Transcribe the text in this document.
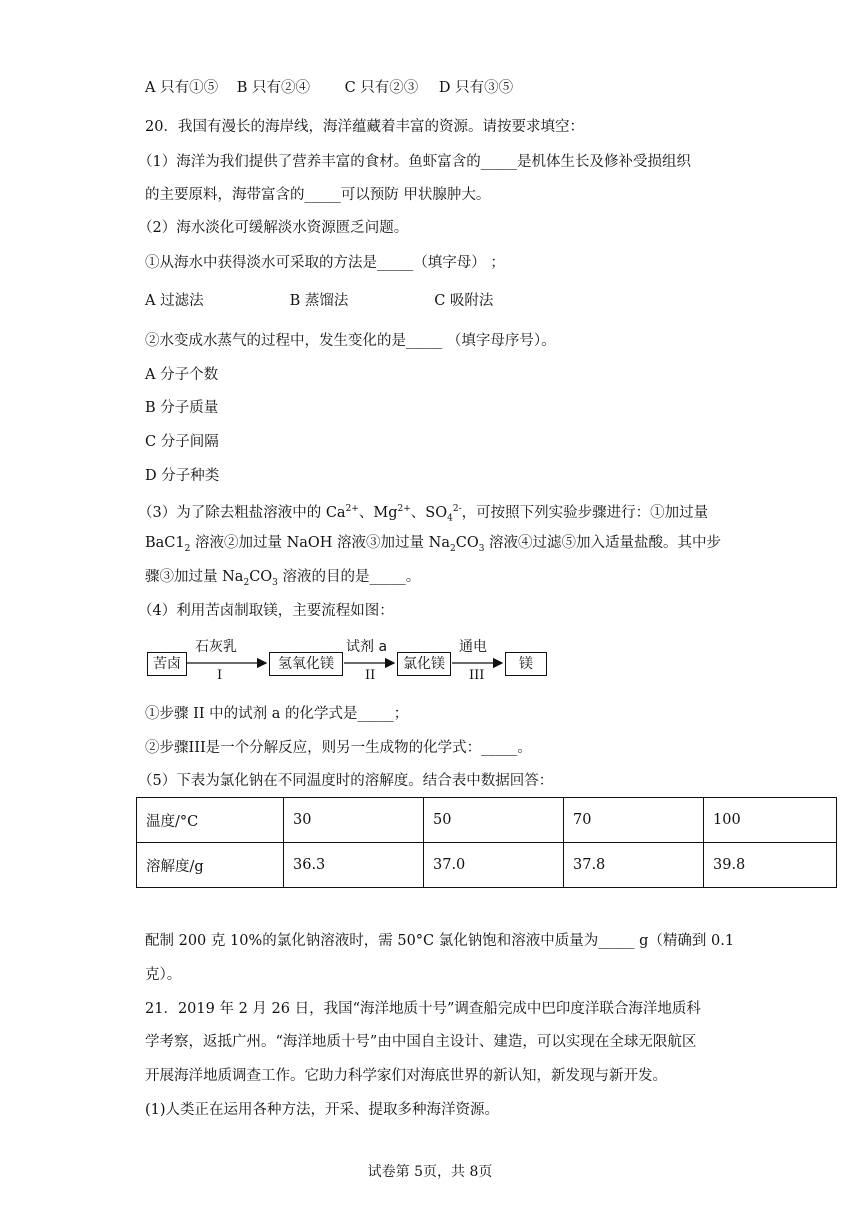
A 只有①⑤ B 只有②④ C 只有②③ D 只有③⑤
20．我国有漫长的海岸线，海洋蕴藏着丰富的资源。请按要求填空：
（1）海洋为我们提供了营养丰富的食材。鱼虾富含的_____是机体生长及修补受损组织
的主要原料，海带富含的_____可以预防 甲状腺肿大。
（2）海水淡化可缓解淡水资源匮乏问题。
①从海水中获得淡水可采取的方法是_____（填字母） ；
A 过滤法	B 蒸馏法	C 吸附法
②水变成水蒸气的过程中，发生变化的是_____ （填字母序号）。
A 分子个数
B 分子质量
C 分子间隔
D 分子种类
（3）为了除去粗盐溶液中的 $Ca^{2+}$、$Mg^{2+}$、$SO_4^{2-}$，可按照下列实验步骤进行：①加过量
$BaC1_2$ 溶液②加过量 NaOH 溶液③加过量 $Na_2CO_3$ 溶液④过滤⑤加入适量盐酸。其中步
骤③加过量 $Na_2CO_3$ 溶液的目的是_____。
（4）利用苦卤制取镁，主要流程如图：
苦卤	氢氧化镁	氯化镁	镁
石灰乳
I
试剂 a
II
通电
III
①步骤 II 中的试剂 a 的化学式是_____；
②步骤III是一个分解反应，则另一生成物的化学式：_____。
（5）下表为氯化钠在不同温度时的溶解度。结合表中数据回答：
温度/°C	30	50	70	100
溶解度/g	36.3	37.0	37.8	39.8
配制 200 克 10%的氯化钠溶液时，需 50°C 氯化钠饱和溶液中质量为_____ g（精确到 0.1
克）。
21．2019 年 2 月 26 日，我国“海洋地质十号”调查船完成中巴印度洋联合海洋地质科
学考察，返抵广州。“海洋地质十号”由中国自主设计、建造，可以实现在全球无限航区
开展海洋地质调查工作。它助力科学家们对海底世界的新认知，新发现与新开发。
(1)人类正在运用各种方法，开采、提取多种海洋资源。
试卷第 5页，共 8页
